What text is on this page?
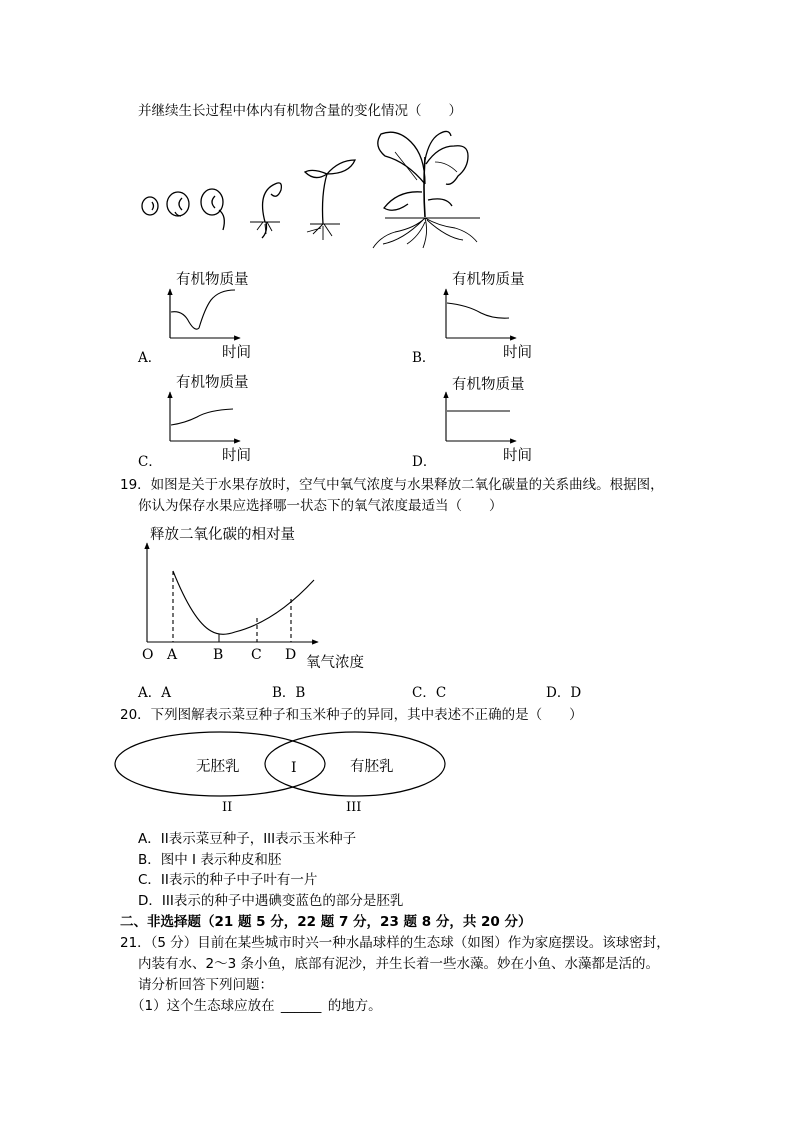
并继续生长过程中体内有机物含量的变化情况（　　）
有机物质量
时间
A．
有机物质量
时间
B．
有机物质量
时间
C．
有机物质量
时间
D．
19．如图是关于水果存放时，空气中氧气浓度与水果释放二氧化碳量的关系曲线。根据图，
你认为保存水果应选择哪一状态下的氧气浓度最适当（　　）
释放二氧化碳的相对量
O A	B C D 氧气浓度
A．A	B．B	C．C	D．D
20．下列图解表示菜豆种子和玉米种子的异同，其中表述不正确的是（　　）
无胚乳	I	有胚乳
II	III
A．II表示菜豆种子，III表示玉米种子
B．图中 I 表示种皮和胚
C．II表示的种子中子叶有一片
D．III表示的种子中遇碘变蓝色的部分是胚乳
二、非选择题（21 题 5 分，22 题 7 分，23 题 8 分，共 20 分）
21．（5 分）目前在某些城市时兴一种水晶球样的生态球（如图）作为家庭摆设。该球密封，
内装有水、2～3 条小鱼，底部有泥沙，并生长着一些水藻。妙在小鱼、水藻都是活的。
请分析回答下列问题：
（1）这个生态球应放在 ______ 的地方。
